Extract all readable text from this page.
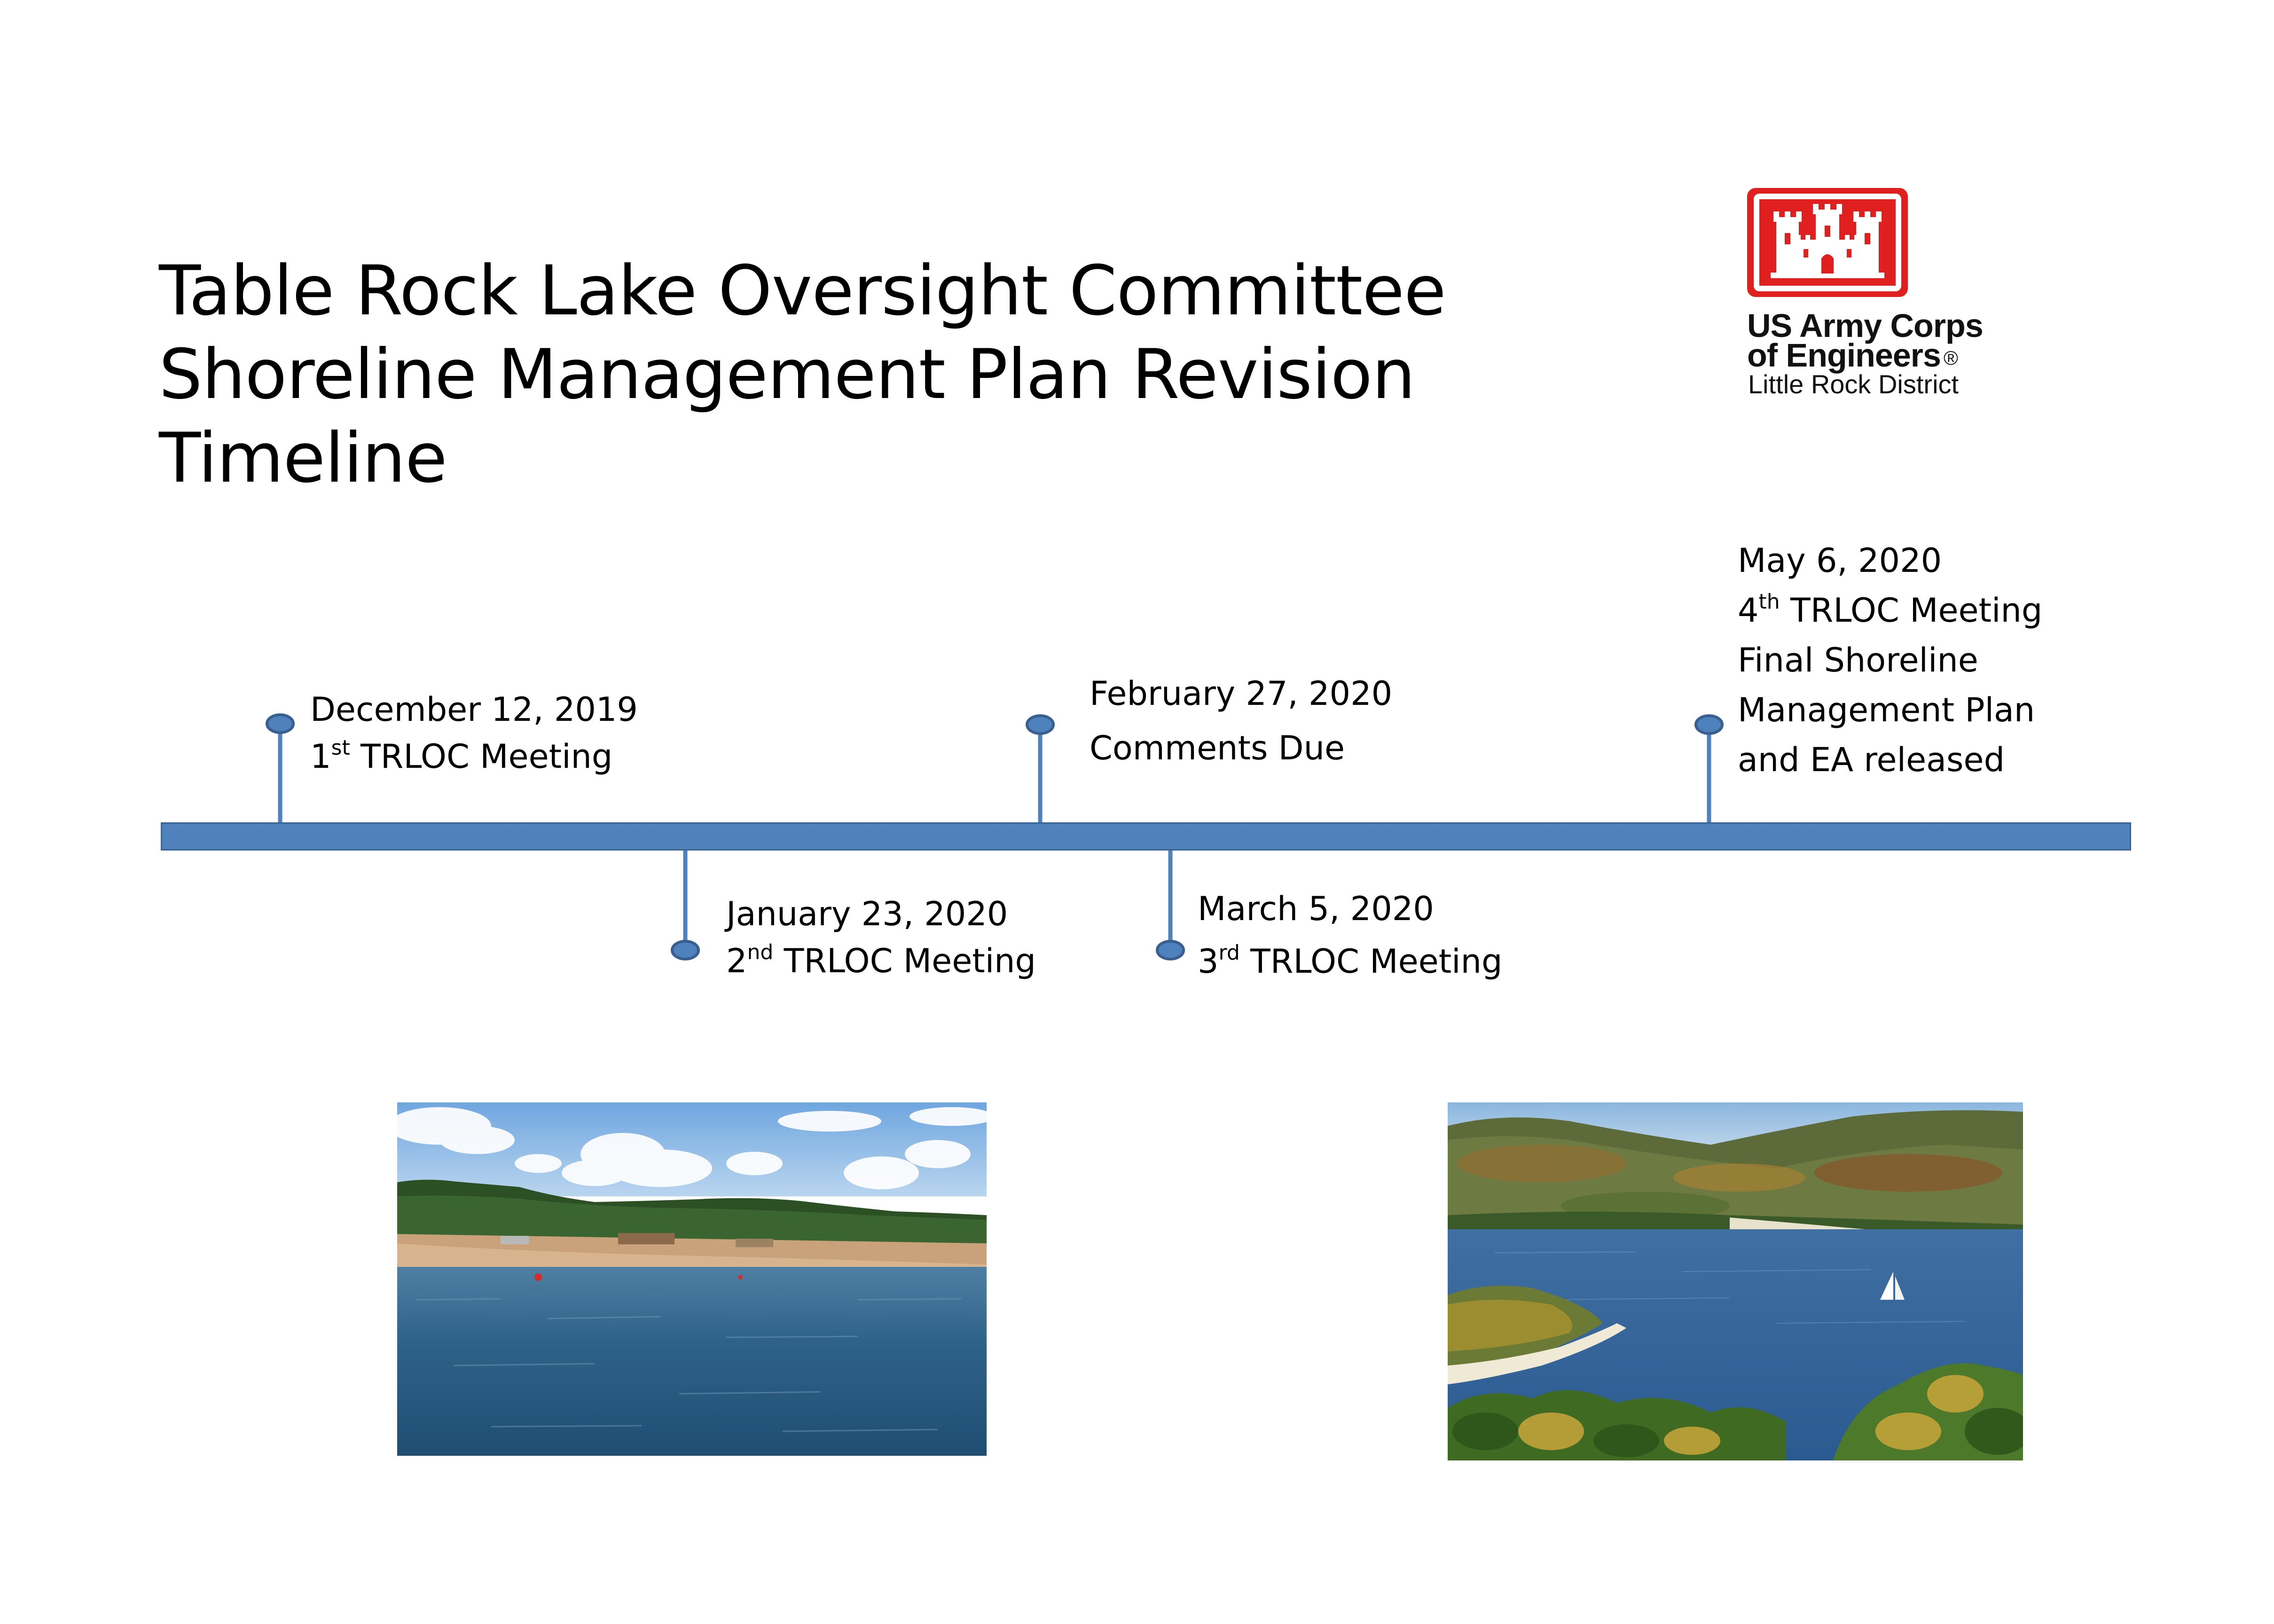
Table Rock Lake Oversight Committee
Shoreline Management Plan Revision
Timeline
US Army Corps
of Engineers ®
Little Rock District
December 12, 2019
1st TRLOC Meeting
January 23, 2020
2nd TRLOC Meeting
February 27, 2020
Comments Due
March 5, 2020
3rd TRLOC Meeting
May 6, 2020
4th TRLOC Meeting
Final Shoreline
Management Plan
and EA released
